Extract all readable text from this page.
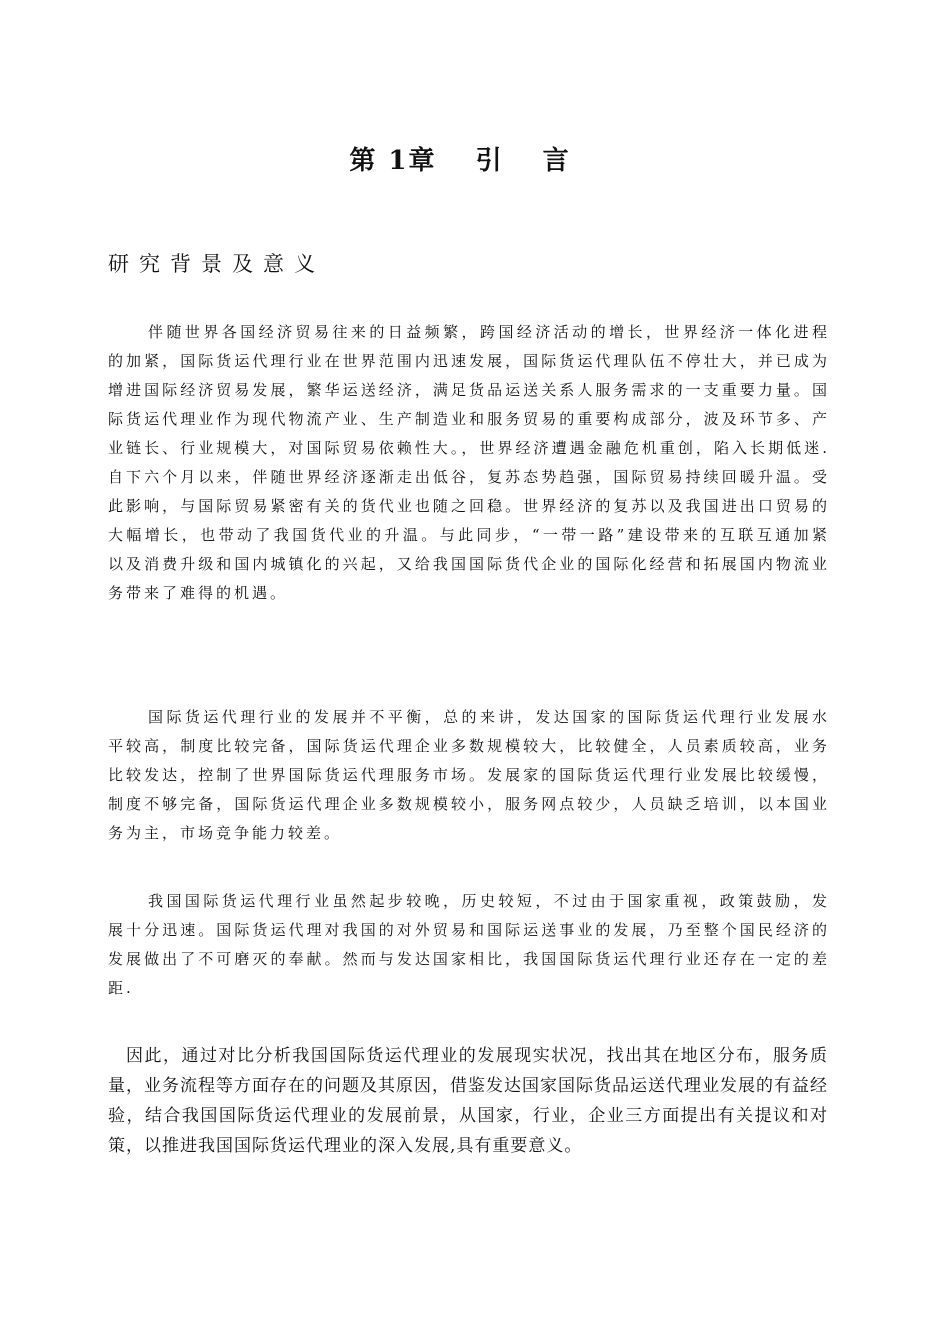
第 1章　 引　 言
研究背景及意义

伴随世界各国经济贸易往来的日益频繁，跨国经济活动的增长，世界经济一体化进程的加紧，国际货运代理行业在世界范围内迅速发展，国际货运代理队伍不停壮大，并已成为增进国际经济贸易发展，繁华运送经济，满足货品运送关系人服务需求的一支重要力量。国际货运代理业作为现代物流产业、生产制造业和服务贸易的重要构成部分，波及环节多、产业链长、行业规模大，对国际贸易依赖性大。，世界经济遭遇金融危机重创，陷入长期低迷. 自下六个月以来，伴随世界经济逐渐走出低谷，复苏态势趋强，国际贸易持续回暖升温。受此影响，与国际贸易紧密有关的货代业也随之回稳。世界经济的复苏以及我国进出口贸易的大幅增长，也带动了我国货代业的升温。与此同步，“一带一路”建设带来的互联互通加紧以及消费升级和国内城镇化的兴起，又给我国国际货代企业的国际化经营和拓展国内物流业务带来了难得的机遇。

国际货运代理行业的发展并不平衡，总的来讲，发达国家的国际货运代理行业发展水平较高，制度比较完备，国际货运代理企业多数规模较大，比较健全，人员素质较高，业务比较发达，控制了世界国际货运代理服务市场。发展家的国际货运代理行业发展比较缓慢，制度不够完备，国际货运代理企业多数规模较小，服务网点较少，人员缺乏培训，以本国业务为主，市场竞争能力较差。

我国国际货运代理行业虽然起步较晚，历史较短，不过由于国家重视，政策鼓励，发展十分迅速。国际货运代理对我国的对外贸易和国际运送事业的发展，乃至整个国民经济的发展做出了不可磨灭的奉献。然而与发达国家相比，我国国际货运代理行业还存在一定的差距.

因此，通过对比分析我国国际货运代理业的发展现实状况，找出其在地区分布，服务质量，业务流程等方面存在的问题及其原因，借鉴发达国家国际货品运送代理业发展的有益经验，结合我国国际货运代理业的发展前景，从国家，行业，企业三方面提出有关提议和对策，以推进我国国际货运代理业的深入发展,具有重要意义。
